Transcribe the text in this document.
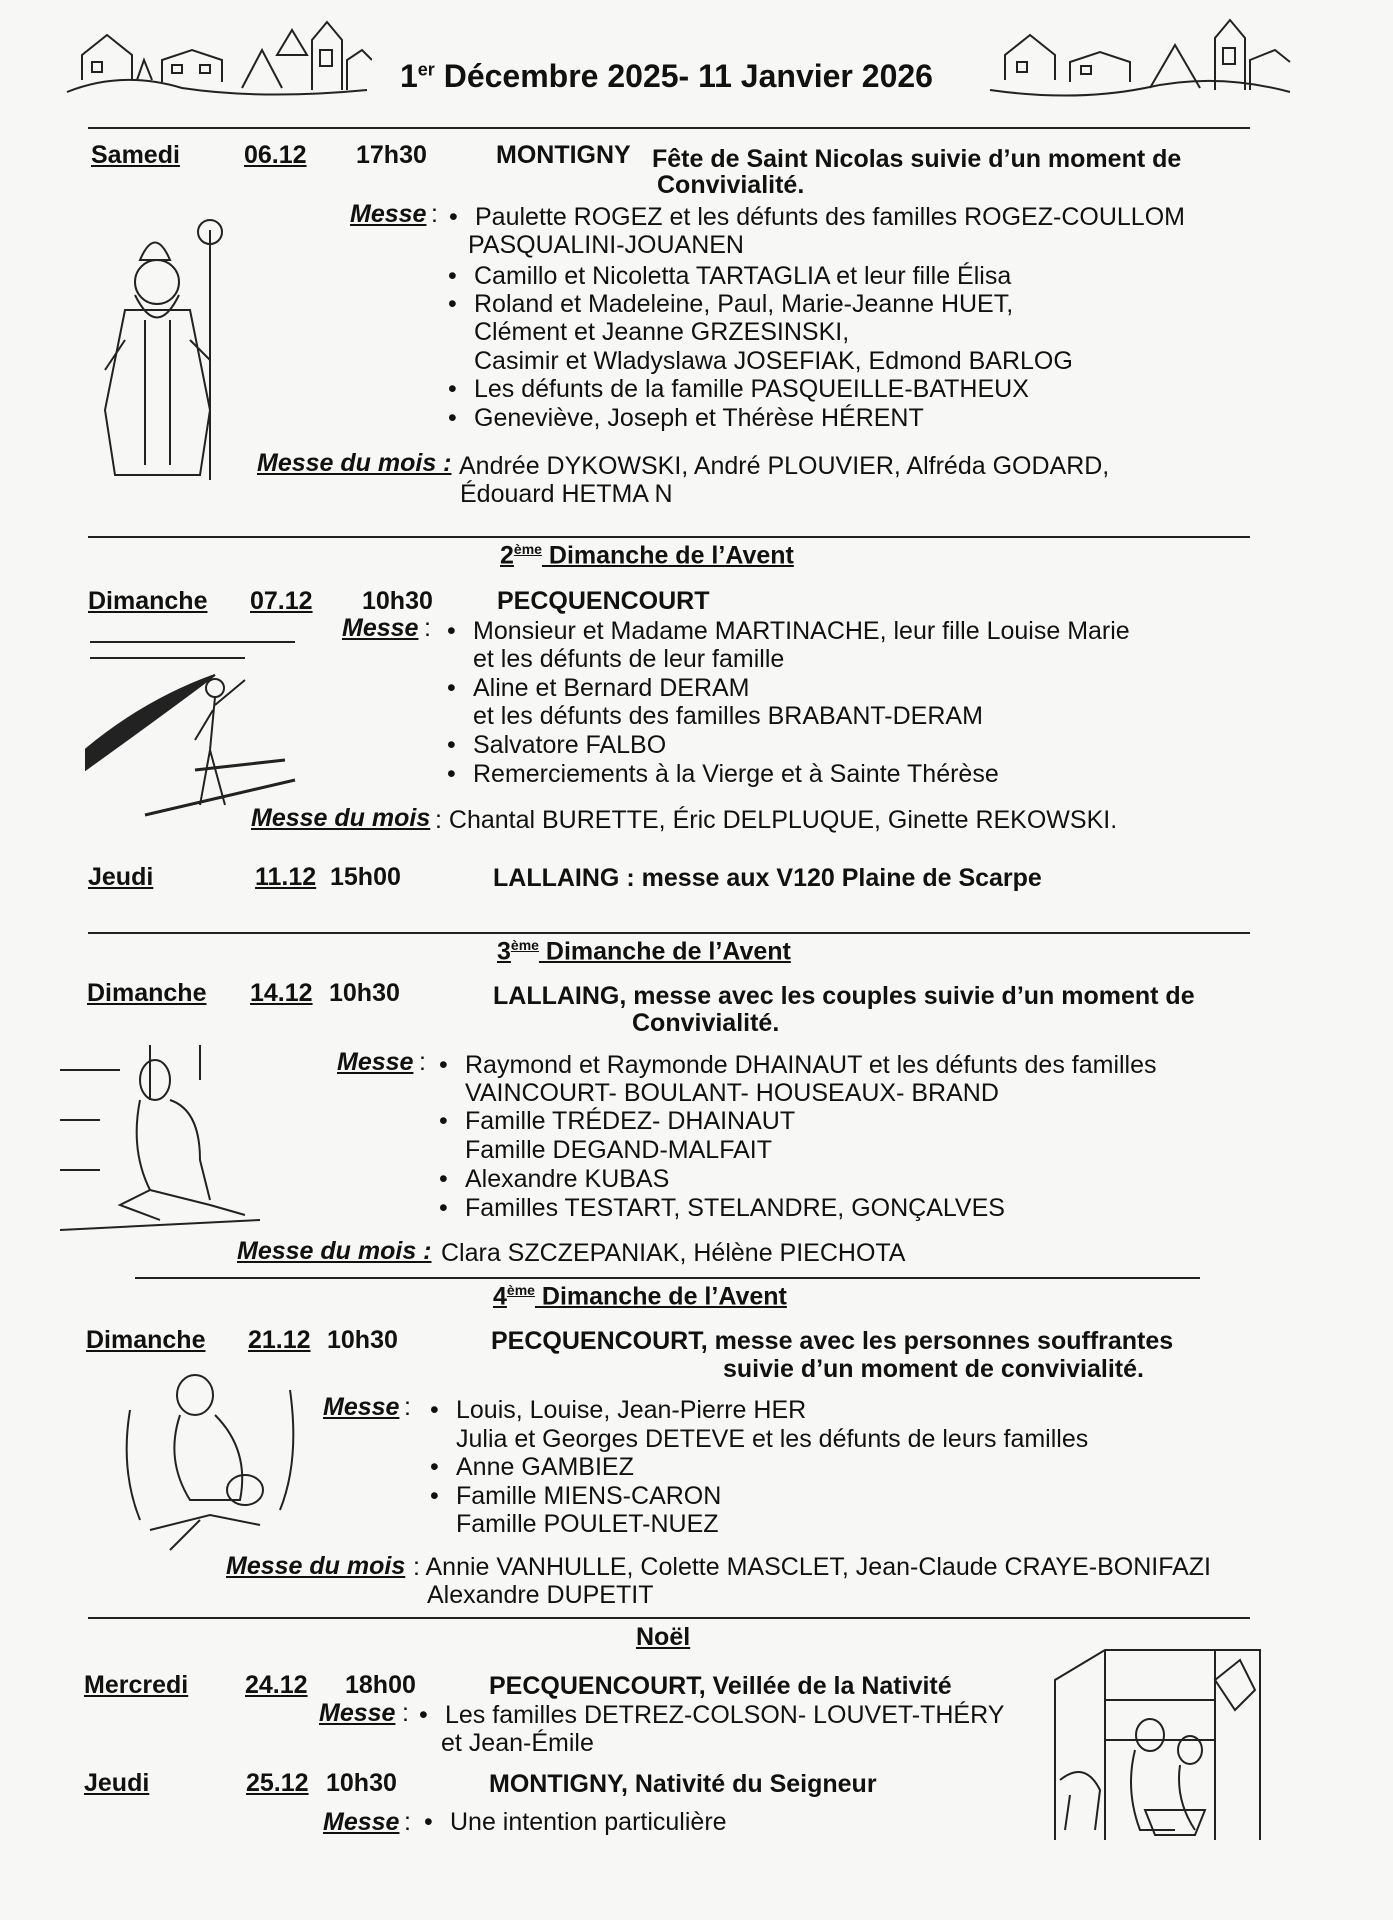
1er Décembre 2025- 11 Janvier 2026
Samedi	06.12 17h30	MONTIGNY Fête de Saint Nicolas suivie d’un moment de
Convivialité.
Messe : • Paulette ROGEZ et les défunts des familles ROGEZ-COULLOM
PASQUALINI-JOUANEN
• Camillo et Nicoletta TARTAGLIA et leur fille Élisa
• Roland et Madeleine, Paul, Marie-Jeanne HUET,
Clément et Jeanne GRZESINSKI,
Casimir et Wladyslawa JOSEFIAK, Edmond BARLOG
• Les défunts de la famille PASQUEILLE-BATHEUX
• Geneviève, Joseph et Thérèse HÉRENT
Messe du mois : Andrée DYKOWSKI, André PLOUVIER, Alfréda GODARD,
Édouard HETMA N
2ème Dimanche de l’Avent
Dimanche 07.12 10h30	PECQUENCOURT
Messe : • Monsieur et Madame MARTINACHE, leur fille Louise Marie
et les défunts de leur famille
• Aline et Bernard DERAM
et les défunts des familles BRABANT-DERAM
• Salvatore FALBO
• Remerciements à la Vierge et à Sainte Thérèse
Messe du mois : Chantal BURETTE, Éric DELPLUQUE, Ginette REKOWSKI.
Jeudi	11.12 15h00	LALLAING : messe aux V120 Plaine de Scarpe
3ème Dimanche de l’Avent
Dimanche 14.12 10h30	LALLAING, messe avec les couples suivie d’un moment de
Convivialité.
Messe : • Raymond et Raymonde DHAINAUT et les défunts des familles
VAINCOURT- BOULANT- HOUSEAUX- BRAND
• Famille TRÉDEZ- DHAINAUT
Famille DEGAND-MALFAIT
• Alexandre KUBAS
• Familles TESTART, STELANDRE, GONÇALVES
Messe du mois : Clara SZCZEPANIAK, Hélène PIECHOTA
4ème Dimanche de l’Avent
Dimanche 21.12 10h30	PECQUENCOURT, messe avec les personnes souffrantes
suivie d’un moment de convivialité.
Messe : • Louis, Louise, Jean-Pierre HER
Julia et Georges DETEVE et les défunts de leurs familles
• Anne GAMBIEZ
• Famille MIENS-CARON
Famille POULET-NUEZ
Messe du mois : Annie VANHULLE, Colette MASCLET, Jean-Claude CRAYE-BONIFAZI
Alexandre DUPETIT
Noël
Mercredi 24.12 18h00	PECQUENCOURT, Veillée de la Nativité
Messe : • Les familles DETREZ-COLSON- LOUVET-THÉRY
et Jean-Émile
Jeudi	25.12 10h30	MONTIGNY, Nativité du Seigneur
Messe : • Une intention particulière
